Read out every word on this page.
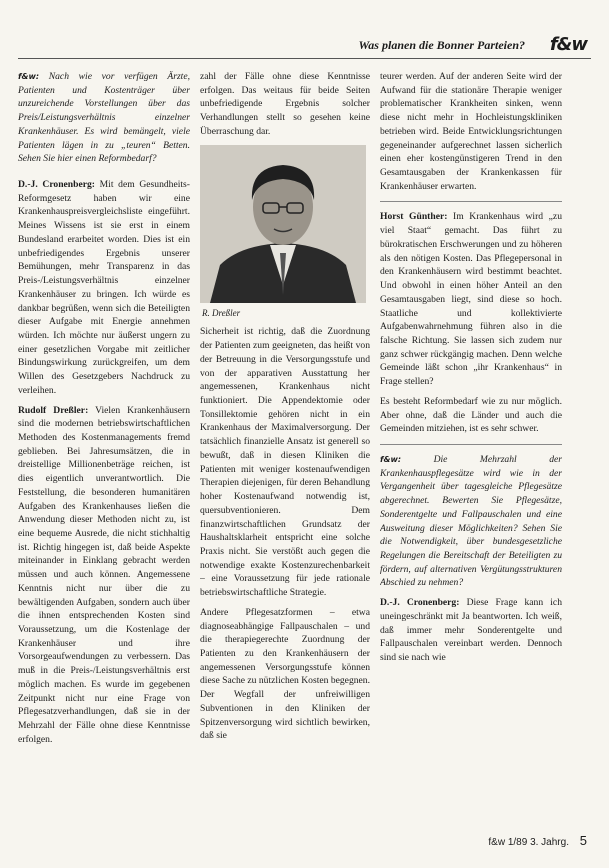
Was planen die Bonner Parteien? f&w

f&w: Nach wie vor verfügen Ärzte, Patienten und Kostenträger über unzureichende Vorstellungen über das Preis/Leistungsverhältnis einzelner Krankenhäuser. Es wird bemängelt, viele Patienten lägen in zu „teuren“ Betten. Sehen Sie hier einen Reformbedarf?

D.-J. Cronenberg: Mit dem Gesundheits-Reformgesetz haben wir eine Krankenhauspreisvergleichsliste eingeführt. Meines Wissens ist sie erst in einem Bundesland erarbeitet worden. Dies ist ein unbefriedigendes Ergebnis unserer Bemühungen, mehr Transparenz in das Preis-/Leistungsverhältnis einzelner Krankenhäuser zu bringen. Ich würde es dankbar begrüßen, wenn sich die Beteiligten dieser Aufgabe mit Energie annehmen würden. Ich möchte nur äußerst ungern zu einer gesetzlichen Vorgabe mit zeitlicher Bindungswirkung zurückgreifen, um dem Willen des Gesetzgebers Nachdruck zu verleihen.

Rudolf Dreßler: Vielen Krankenhäusern sind die modernen betriebswirtschaftlichen Methoden des Kostenmanagements fremd geblieben. Bei Jahresumsätzen, die in dreistellige Millionenbeträge reichen, ist dies eigentlich unverantwortlich. Die Feststellung, die besonderen humanitären Aufgaben des Krankenhauses ließen die Anwendung dieser Methoden nicht zu, ist eine bequeme Ausrede, die nicht stichhaltig ist. Richtig hingegen ist, daß beide Aspekte miteinander in Einklang gebracht werden müssen und auch können. Angemessene Kenntnis nicht nur über die zu bewältigenden Aufgaben, sondern auch über die ihnen entsprechenden Kosten sind Voraussetzung, um die Kostenlage der Krankenhäuser und ihre Vorsorgeaufwendungen zu verbessern. Das muß in die Preis-/Leistungsverhältnis erst möglich machen. Es wurde im gegebenen Zeitpunkt nicht nur eine Frage von Pflegesatzverhandlungen, daß sie in der Mehrzahl der Fälle ohne diese Kenntnisse erfolgen.

zahl der Fälle ohne diese Kenntnisse erfolgen. Das weitaus für beide Seiten unbefriedigende Ergebnis solcher Verhandlungen stellt so gesehen keine Überraschung dar.

R. Dreßler

Sicherheit ist richtig, daß die Zuordnung der Patienten zum geeigneten, das heißt von der Betreuung in die Versorgungsstufe und von der apparativen Ausstattung her angemessenen, Krankenhaus nicht funktioniert. Die Appendektomie oder Tonsillektomie gehören nicht in ein Krankenhaus der Maximalversorgung. Der tatsächlich finanzielle Ansatz ist generell so bewußt, daß in diesen Kliniken die Patienten mit weniger kostenaufwendigen Therapien diejenigen, für deren Behandlung hoher Kostenaufwand notwendig ist, quersubventionieren. Dem finanzwirtschaftlichen Grundsatz der Haushaltsklarheit entspricht eine solche Praxis nicht. Sie verstößt auch gegen die notwendige exakte Kostenzurechenbarkeit – eine Voraussetzung für jede rationale betriebswirtschaftliche Strategie.

Andere Pflegesatzformen – etwa diagnoseabhängige Fallpauschalen – und die therapiegerechte Zuordnung der Patienten zu den Krankenhäusern der angemessenen Versorgungsstufe können diese Sache zu nützlichen Kosten begegnen. Der Wegfall der unfreiwilligen Subventionen in den Kliniken der Spitzenversorgung wird sichtlich bewirken, daß sie

teurer werden. Auf der anderen Seite wird der Aufwand für die stationäre Therapie weniger problematischer Krankheiten sinken, wenn diese nicht mehr in Hochleistungskliniken betrieben wird. Beide Entwicklungsrichtungen gegeneinander aufgerechnet lassen sicherlich einen eher kostengünstigeren Trend in den Gesamtausgaben der Krankenkassen für Krankenhäuser erwarten.

Horst Günther: Im Krankenhaus wird „zu viel Staat“ gemacht. Das führt zu bürokratischen Erschwerungen und zu höheren als den nötigen Kosten. Das Pflegepersonal in den Krankenhäusern wird bestimmt beachtet. Und obwohl in einen höher Anteil an den Gesamtausgaben liegt, sind diese so hoch. Staatliche und kollektivierte Aufgabenwahrnehmung führen also in die falsche Richtung. Sie lassen sich zudem nur ganz schwer rückgängig machen. Denn welche Gemeinde läßt schon „ihr Krankenhaus“ in Frage stellen?

Es besteht Reformbedarf wie zu nur möglich. Aber ohne, daß die Länder und auch die Gemeinden mitziehen, ist es sehr schwer.

f&w:	Die Mehrzahl der Krankenhauspflegesätze wird wie in der Vergangenheit über tagesgleiche Pflegesätze abgerechnet. Bewerten Sie Pflegesätze, Sonderentgelte und Fallpauschalen und eine Ausweitung dieser Möglichkeiten? Sehen Sie die Notwendigkeit, über bundesgesetzliche Regelungen die Bereitschaft der Beteiligten zu fördern, auf alternativen Vergütungsstrukturen Abschied zu nehmen?

D.-J. Cronenberg: Diese Frage kann ich uneingeschränkt mit Ja beantworten. Ich weiß, daß immer mehr Sonderentgelte und Fallpauschalen vereinbart werden. Dennoch sind sie nach wie

f&w 1/89 3. Jahrg. 5
